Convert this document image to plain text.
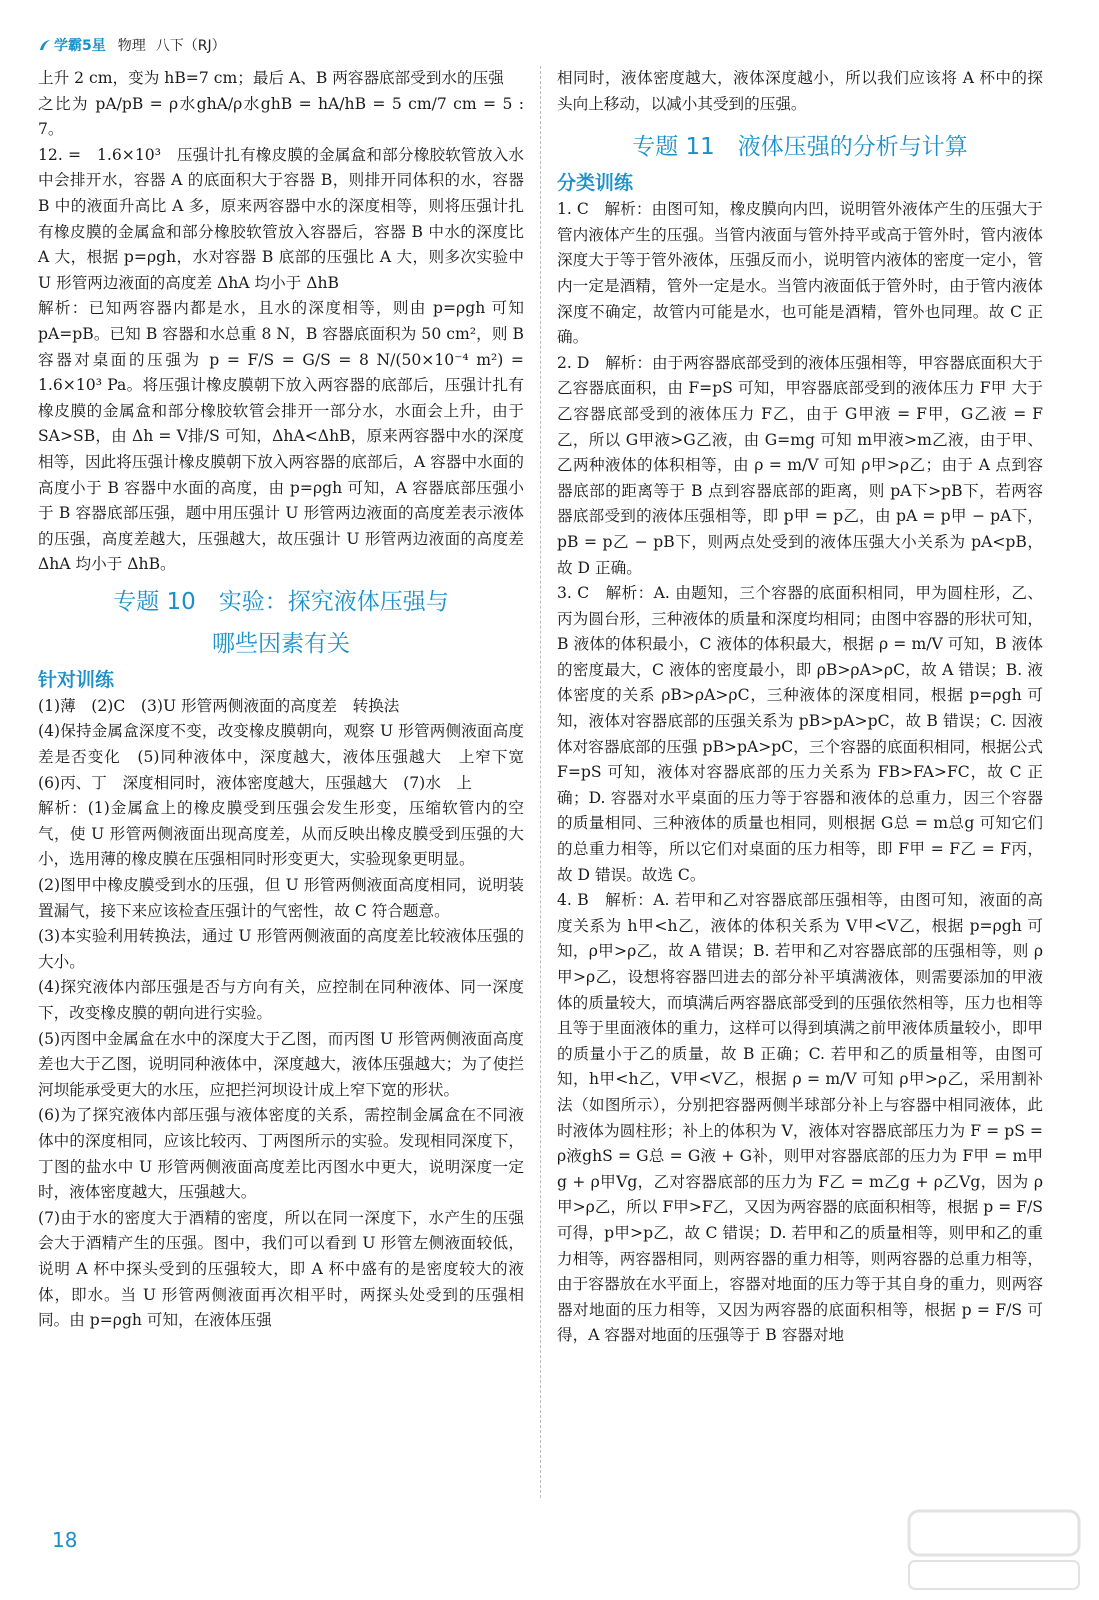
学霸5星 物理 八下（RJ）

上升 2 cm，变为 hB=7 cm；最后 A、B 两容器底部受到水的压强

之比为 pA/pB = ρ水ghA/ρ水ghB = hA/hB = 5 cm/7 cm = 5 : 7。

12. =　1.6×10³　压强计扎有橡皮膜的金属盒和部分橡胶软管放入水中会排开水，容器 A 的底面积大于容器 B，则排开同体积的水，容器 B 中的液面升高比 A 多，原来两容器中水的深度相等，则将压强计扎有橡皮膜的金属盒和部分橡胶软管放入容器后，容器 B 中水的深度比 A 大，根据 p=ρgh，水对容器 B 底部的压强比 A 大，则多次实验中 U 形管两边液面的高度差 ΔhA 均小于 ΔhB

解析：已知两容器内都是水，且水的深度相等，则由 p=ρgh 可知 pA=pB。已知 B 容器和水总重 8 N，B 容器底面积为 50 cm²，则 B 容器对桌面的压强为 p = F/S = G/S = 8 N/(50×10⁻⁴ m²) = 1.6×10³ Pa。将压强计橡皮膜朝下放入两容器的底部后，压强计扎有橡皮膜的金属盒和部分橡胶软管会排开一部分水，水面会上升，由于 SA>SB，由 Δh = V排/S 可知，ΔhA<ΔhB，原来两容器中水的深度相等，因此将压强计橡皮膜朝下放入两容器的底部后，A 容器中水面的高度小于 B 容器中水面的高度，由 p=ρgh 可知，A 容器底部压强小于 B 容器底部压强，题中用压强计 U 形管两边液面的高度差表示液体的压强，高度差越大，压强越大，故压强计 U 形管两边液面的高度差 ΔhA 均小于 ΔhB。

专题 10　实验：探究液体压强与
哪些因素有关

针对训练

(1)薄　(2)C　(3)U 形管两侧液面的高度差　转换法

(4)保持金属盒深度不变，改变橡皮膜朝向，观察 U 形管两侧液面高度差是否变化　(5)同种液体中，深度越大，液体压强越大　上窄下宽　(6)丙、丁　深度相同时，液体密度越大，压强越大　(7)水　上

解析：(1)金属盒上的橡皮膜受到压强会发生形变，压缩软管内的空气，使 U 形管两侧液面出现高度差，从而反映出橡皮膜受到压强的大小，选用薄的橡皮膜在压强相同时形变更大，实验现象更明显。

(2)图甲中橡皮膜受到水的压强，但 U 形管两侧液面高度相同，说明装置漏气，接下来应该检查压强计的气密性，故 C 符合题意。

(3)本实验利用转换法，通过 U 形管两侧液面的高度差比较液体压强的大小。

(4)探究液体内部压强是否与方向有关，应控制在同种液体、同一深度下，改变橡皮膜的朝向进行实验。

(5)丙图中金属盒在水中的深度大于乙图，而丙图 U 形管两侧液面高度差也大于乙图，说明同种液体中，深度越大，液体压强越大；为了使拦河坝能承受更大的水压，应把拦河坝设计成上窄下宽的形状。

(6)为了探究液体内部压强与液体密度的关系，需控制金属盒在不同液体中的深度相同，应该比较丙、丁两图所示的实验。发现相同深度下，丁图的盐水中 U 形管两侧液面高度差比丙图水中更大，说明深度一定时，液体密度越大，压强越大。

(7)由于水的密度大于酒精的密度，所以在同一深度下，水产生的压强会大于酒精产生的压强。图中，我们可以看到 U 形管左侧液面较低，说明 A 杯中探头受到的压强较大，即 A 杯中盛有的是密度较大的液体，即水。当 U 形管两侧液面再次相平时，两探头处受到的压强相同。由 p=ρgh 可知，在液体压强

相同时，液体密度越大，液体深度越小，所以我们应该将 A 杯中的探头向上移动，以减小其受到的压强。

专题 11　液体压强的分析与计算

分类训练

1. C　解析：由图可知，橡皮膜向内凹，说明管外液体产生的压强大于管内液体产生的压强。当管内液面与管外持平或高于管外时，管内液体深度大于等于管外液体，压强反而小，说明管内液体的密度一定小，管内一定是酒精，管外一定是水。当管内液面低于管外时，由于管内液体深度不确定，故管内可能是水，也可能是酒精，管外也同理。故 C 正确。

2. D　解析：由于两容器底部受到的液体压强相等，甲容器底面积大于乙容器底面积，由 F=pS 可知，甲容器底部受到的液体压力 F甲 大于乙容器底部受到的液体压力 F乙，由于 G甲液 = F甲，G乙液 = F乙，所以 G甲液>G乙液，由 G=mg 可知 m甲液>m乙液，由于甲、乙两种液体的体积相等，由 ρ = m/V 可知 ρ甲>ρ乙；由于 A 点到容器底部的距离等于 B 点到容器底部的距离，则 pA下>pB下，若两容器底部受到的液体压强相等，即 p甲 = p乙，由 pA = p甲 − pA下，pB = p乙 − pB下，则两点处受到的液体压强大小关系为 pA<pB，故 D 正确。

3. C　解析：A. 由题知，三个容器的底面积相同，甲为圆柱形，乙、丙为圆台形，三种液体的质量和深度均相同；由图中容器的形状可知，B 液体的体积最小，C 液体的体积最大，根据 ρ = m/V 可知，B 液体的密度最大，C 液体的密度最小，即 ρB>ρA>ρC，故 A 错误；B. 液体密度的关系 ρB>ρA>ρC，三种液体的深度相同，根据 p=ρgh 可知，液体对容器底部的压强关系为 pB>pA>pC，故 B 错误；C. 因液体对容器底部的压强 pB>pA>pC，三个容器的底面积相同，根据公式 F=pS 可知，液体对容器底部的压力关系为 FB>FA>FC，故 C 正确；D. 容器对水平桌面的压力等于容器和液体的总重力，因三个容器的质量相同、三种液体的质量也相同，则根据 G总 = m总g 可知它们的总重力相等，所以它们对桌面的压力相等，即 F甲 = F乙 = F丙，故 D 错误。故选 C。

4. B　解析：A. 若甲和乙对容器底部压强相等，由图可知，液面的高度关系为 h甲<h乙，液体的体积关系为 V甲<V乙，根据 p=ρgh 可知，ρ甲>ρ乙，故 A 错误；B. 若甲和乙对容器底部的压强相等，则 ρ甲>ρ乙，设想将容器凹进去的部分补平填满液体，则需要添加的甲液体的质量较大，而填满后两容器底部受到的压强依然相等，压力也相等且等于里面液体的重力，这样可以得到填满之前甲液体质量较小，即甲的质量小于乙的质量，故 B 正确；C. 若甲和乙的质量相等，由图可知，h甲<h乙，V甲<V乙，根据 ρ = m/V 可知 ρ甲>ρ乙，采用割补法（如图所示），分别把容器两侧半球部分补上与容器中相同液体，此时液体为圆柱形；补上的体积为 V，液体对容器底部压力为 F = pS = ρ液ghS = G总 = G液 + G补，则甲对容器底部的压力为 F甲 = m甲g + ρ甲Vg，乙对容器底部的压力为 F乙 = m乙g + ρ乙Vg，因为 ρ甲>ρ乙，所以 F甲>F乙，又因为两容器的底面积相等，根据 p = F/S 可得，p甲>p乙，故 C 错误；D. 若甲和乙的质量相等，则甲和乙的重力相等，两容器相同，则两容器的重力相等，则两容器的总重力相等，由于容器放在水平面上，容器对地面的压力等于其自身的重力，则两容器对地面的压力相等，又因为两容器的底面积相等，根据 p = F/S 可得，A 容器对地面的压强等于 B 容器对地

18
